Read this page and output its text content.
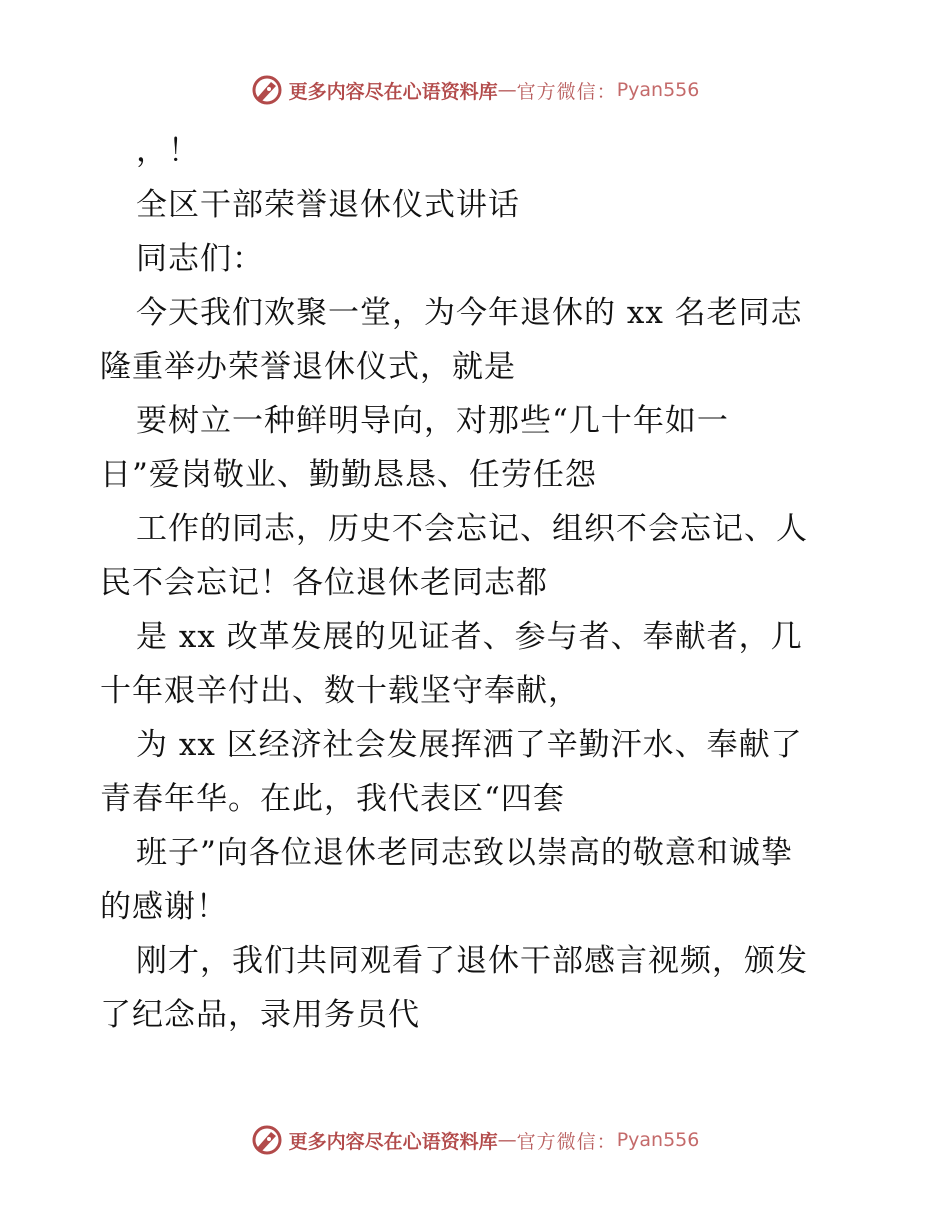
更多内容尽在心语资料库 — 官方微信： Pyan556
，！
全区干部荣誉退休仪式讲话
同志们：
今天我们欢聚一堂，为今年退休的 xx 名老同志
隆重举办荣誉退休仪式，就是
要树立一种鲜明导向，对那些“几十年如一
日”爱岗敬业、勤勤恳恳、任劳任怨
工作的同志，历史不会忘记、组织不会忘记、人
民不会忘记！各位退休老同志都
是 xx 改革发展的见证者、参与者、奉献者，几
十年艰辛付出、数十载坚守奉献，
为 xx 区经济社会发展挥洒了辛勤汗水、奉献了
青春年华。在此，我代表区“四套
班子”向各位退休老同志致以崇高的敬意和诚挚
的感谢！
刚才，我们共同观看了退休干部感言视频，颁发
了纪念品，录用务员代
更多内容尽在心语资料库 — 官方微信： Pyan556
